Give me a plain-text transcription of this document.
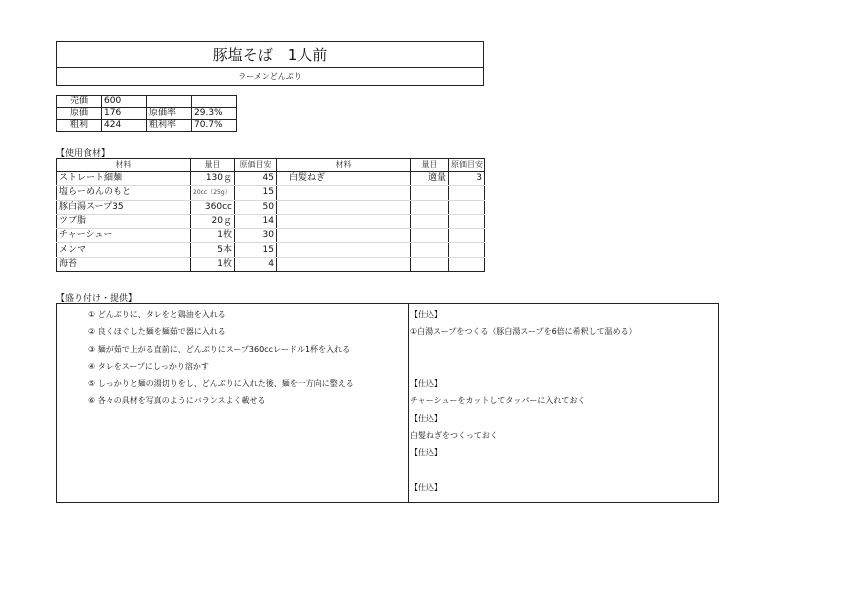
豚塩そば　1人前
ラーメンどんぶり
売価	600		
原価	176	原価率	29.3%
粗利	424	粗利率	70.7%
【使用食材】
材料	量目	原価目安	材料	量目	原価目安
ストレート細麺	130ｇ	45	白髪ねぎ	適量	3
塩らーめんのもと	20cc（25g）	15			
豚白湯スープ35	360cc	50			
ツブ脂	20ｇ	14			
チャーシュー	1枚	30			
メンマ	5本	15			
海苔	1枚	4			
【盛り付け・提供】
① どんぶりに、タレをと鶏油を入れる
② 良くほぐした麺を麺茹で器に入れる
③ 麺が茹で上がる直前に、どんぶりにスープ360ccレードル1杯を入れる
④ タレをスープにしっかり溶かす
⑤ しっかりと麺の湯切りをし、どんぶりに入れた後、麺を一方向に整える
⑥ 各々の具材を写真のようにバランスよく載せる
【仕込】
①白湯スープをつくる（豚白湯スープを6倍に希釈して温める）
【仕込】
チャーシューをカットしてタッパーに入れておく
【仕込】
白髪ねぎをつくっておく
【仕込】
【仕込】
